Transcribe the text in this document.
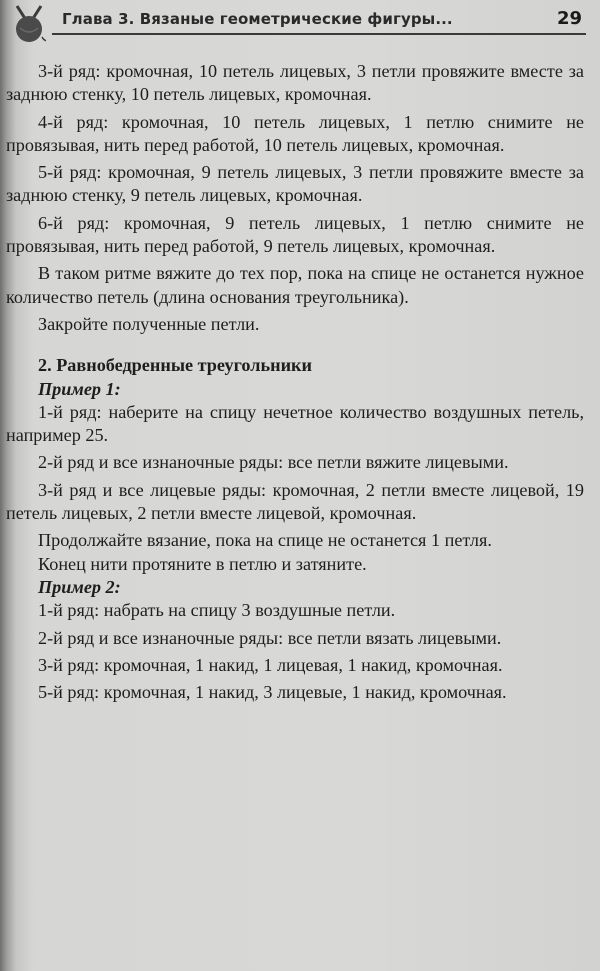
Глава 3. Вязаные геометрические фигуры...	29

3-й ряд: кромочная, 10 петель лицевых, 3 петли провяжите вместе за заднюю стенку, 10 петель лицевых, кромочная.

4-й ряд: кромочная, 10 петель лицевых, 1 петлю снимите не провязывая, нить перед работой, 10 петель лицевых, кромочная.

5-й ряд: кромочная, 9 петель лицевых, 3 петли провяжите вместе за заднюю стенку, 9 петель лицевых, кромочная.

6-й ряд: кромочная, 9 петель лицевых, 1 петлю снимите не провязывая, нить перед работой, 9 петель лицевых, кромочная.

В таком ритме вяжите до тех пор, пока на спице не останется нужное количество петель (длина основания треугольника).

Закройте полученные петли.

2. Равнобедренные треугольники

Пример 1:

1-й ряд: наберите на спицу нечетное количество воздушных петель, например 25.

2-й ряд и все изнаночные ряды: все петли вяжите лицевыми.

3-й ряд и все лицевые ряды: кромочная, 2 петли вместе лицевой, 19 петель лицевых, 2 петли вместе лицевой, кромочная.

Продолжайте вязание, пока на спице не останется 1 петля.

Конец нити протяните в петлю и затяните.

Пример 2:

1-й ряд: набрать на спицу 3 воздушные петли.

2-й ряд и все изнаночные ряды: все петли вязать лицевыми.

3-й ряд: кромочная, 1 накид, 1 лицевая, 1 накид, кромочная.

5-й ряд: кромочная, 1 накид, 3 лицевые, 1 накид, кромочная.
